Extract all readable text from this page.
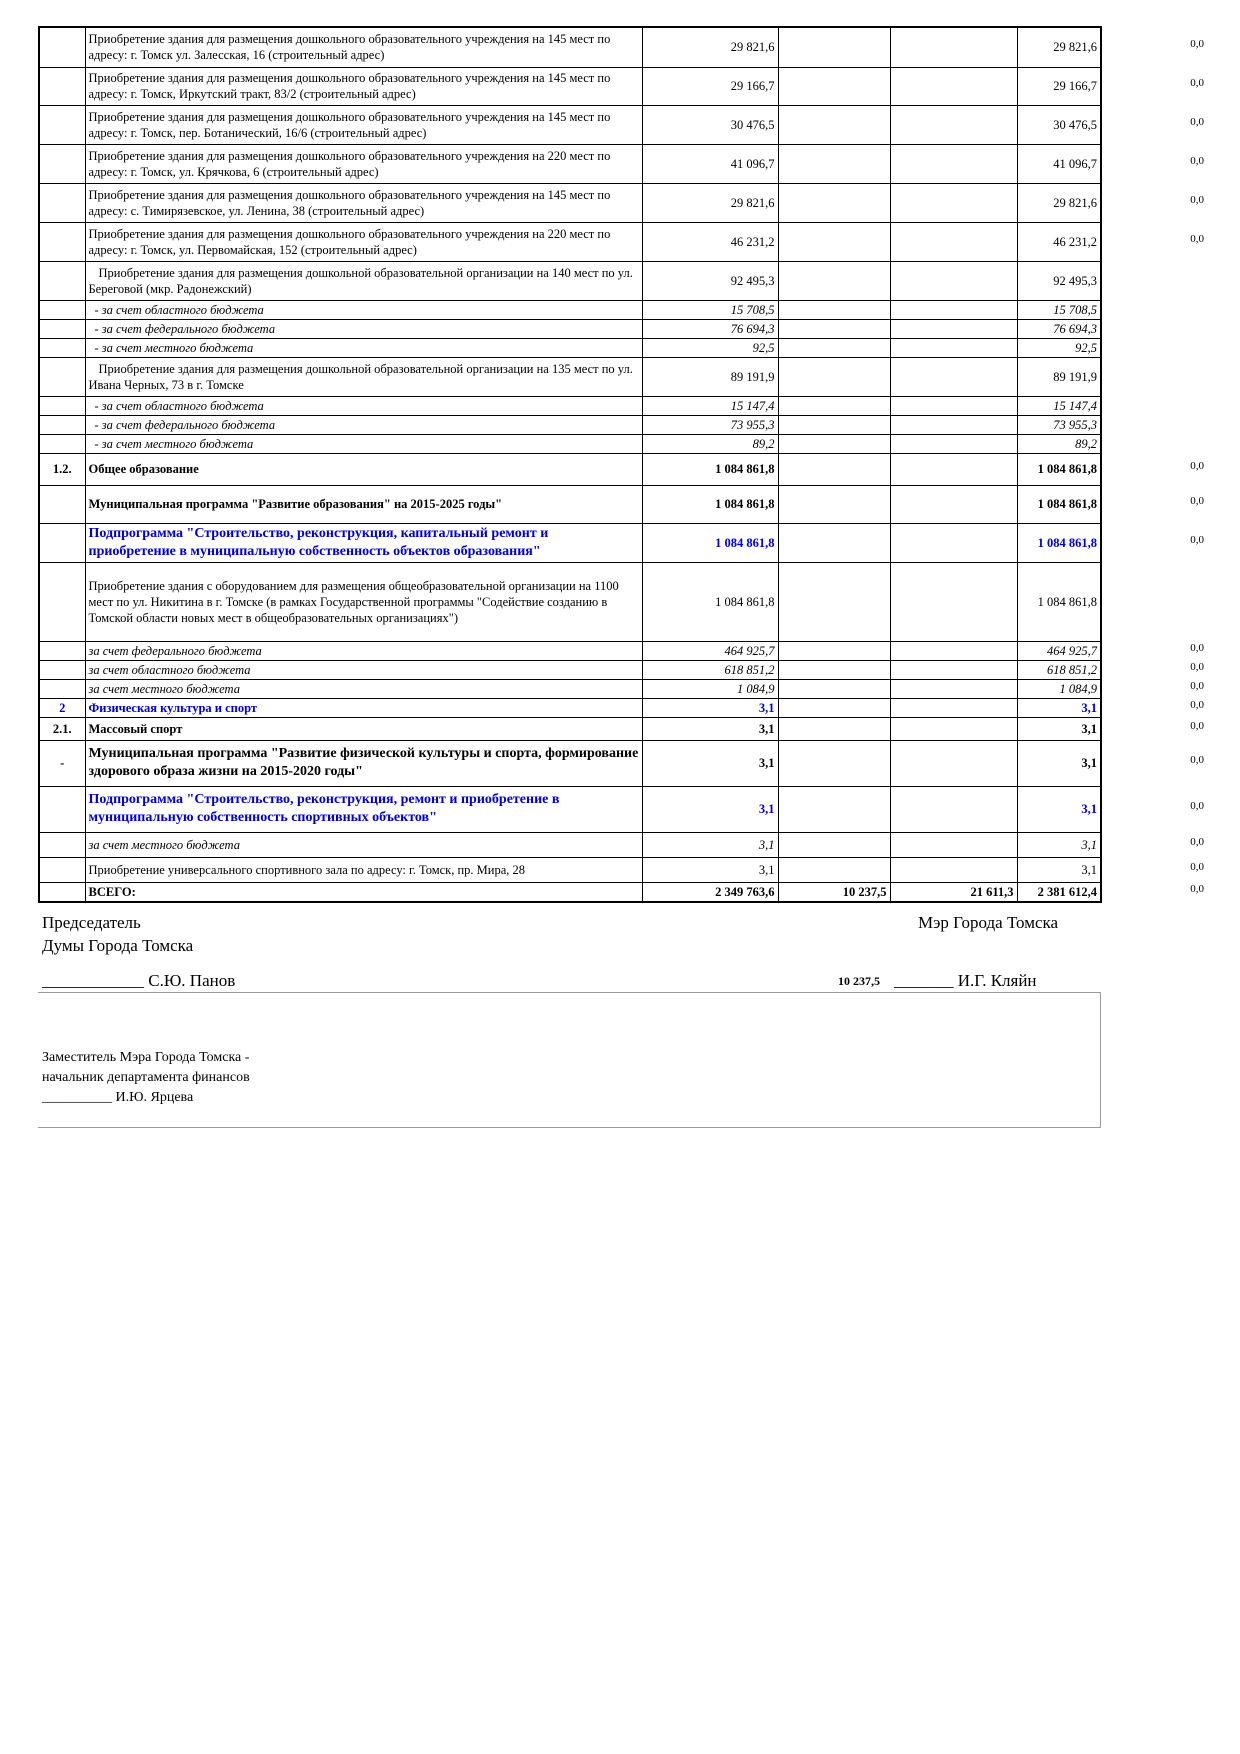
	Приобретение здания для размещения дошкольного образовательного учреждения на 145 мест по адресу: г. Томск ул. Залесская, 16 (строительный адрес)	29 821,6			29 821,6
	Приобретение здания для размещения дошкольного образовательного учреждения на 145 мест по адресу: г. Томск, Иркутский тракт, 83/2 (строительный адрес)	29 166,7			29 166,7
	Приобретение здания для размещения дошкольного образовательного учреждения на 145 мест по адресу: г. Томск, пер. Ботанический, 16/6 (строительный адрес)	30 476,5			30 476,5
	Приобретение здания для размещения дошкольного образовательного учреждения на 220 мест по адресу: г. Томск, ул. Крячкова, 6 (строительный адрес)	41 096,7			41 096,7
	Приобретение здания для размещения дошкольного образовательного учреждения на 145 мест по адресу: с. Тимирязевское, ул. Ленина, 38 (строительный адрес)	29 821,6			29 821,6
	Приобретение здания для размещения дошкольного образовательного учреждения на 220 мест по адресу: г. Томск, ул. Первомайская, 152 (строительный адрес)	46 231,2			46 231,2
	Приобретение здания для размещения дошкольной образовательной организации на 140 мест по ул. Береговой (мкр. Радонежский)	92 495,3			92 495,3
	- за счет областного бюджета	15 708,5			15 708,5
	- за счет федерального бюджета	76 694,3			76 694,3
	- за счет местного бюджета	92,5			92,5
	Приобретение здания для размещения дошкольной образовательной организации на 135 мест по ул. Ивана Черных, 73 в г. Томске	89 191,9			89 191,9
	- за счет областного бюджета	15 147,4			15 147,4
	- за счет федерального бюджета	73 955,3			73 955,3
	- за счет местного бюджета	89,2			89,2
1.2.	Общее образование	1 084 861,8			1 084 861,8
	Муниципальная программа "Развитие образования" на 2015-2025 годы"	1 084 861,8			1 084 861,8
	Подпрограмма "Строительство, реконструкция, капитальный ремонт и приобретение в муниципальную собственность объектов образования"	1 084 861,8			1 084 861,8
	Приобретение здания с оборудованием для размещения общеобразовательной организации на 1100 мест по ул. Никитина в г. Томске (в рамках Государственной программы "Содействие созданию в Томской области новых мест в общеобразовательных организациях")	1 084 861,8			1 084 861,8
	за счет федерального бюджета	464 925,7			464 925,7
	за счет областного бюджета	618 851,2			618 851,2
	за счет местного бюджета	1 084,9			1 084,9
2	Физическая культура и спорт	3,1			3,1
2.1.	Массовый спорт	3,1			3,1
-	Муниципальная программа "Развитие физической культуры и спорта, формирование здорового образа жизни на 2015-2020 годы"	3,1			3,1
	Подпрограмма "Строительство, реконструкция, ремонт и приобретение в муниципальную собственность спортивных объектов"	3,1			3,1
	за счет местного бюджета	3,1			3,1
	Приобретение универсального спортивного зала по адресу: г. Томск, пр. Мира, 28	3,1			3,1
	ВСЕГО:	2 349 763,6	10 237,5	21 611,3	2 381 612,4
0,0
0,0
0,0
0,0
0,0
0,0
0,0
0,0
0,0
0,0
0,0
0,0
0,0
0,0
0,0
0,0
0,0
0,0
0,0
Председатель
Думы Города Томска
____________ С.Ю. Панов
Мэр Города Томска
10 237,5 _______ И.Г. Кляйн
Заместитель Мэра Города Томска -
начальник департамента финансов
__________ И.Ю. Ярцева
